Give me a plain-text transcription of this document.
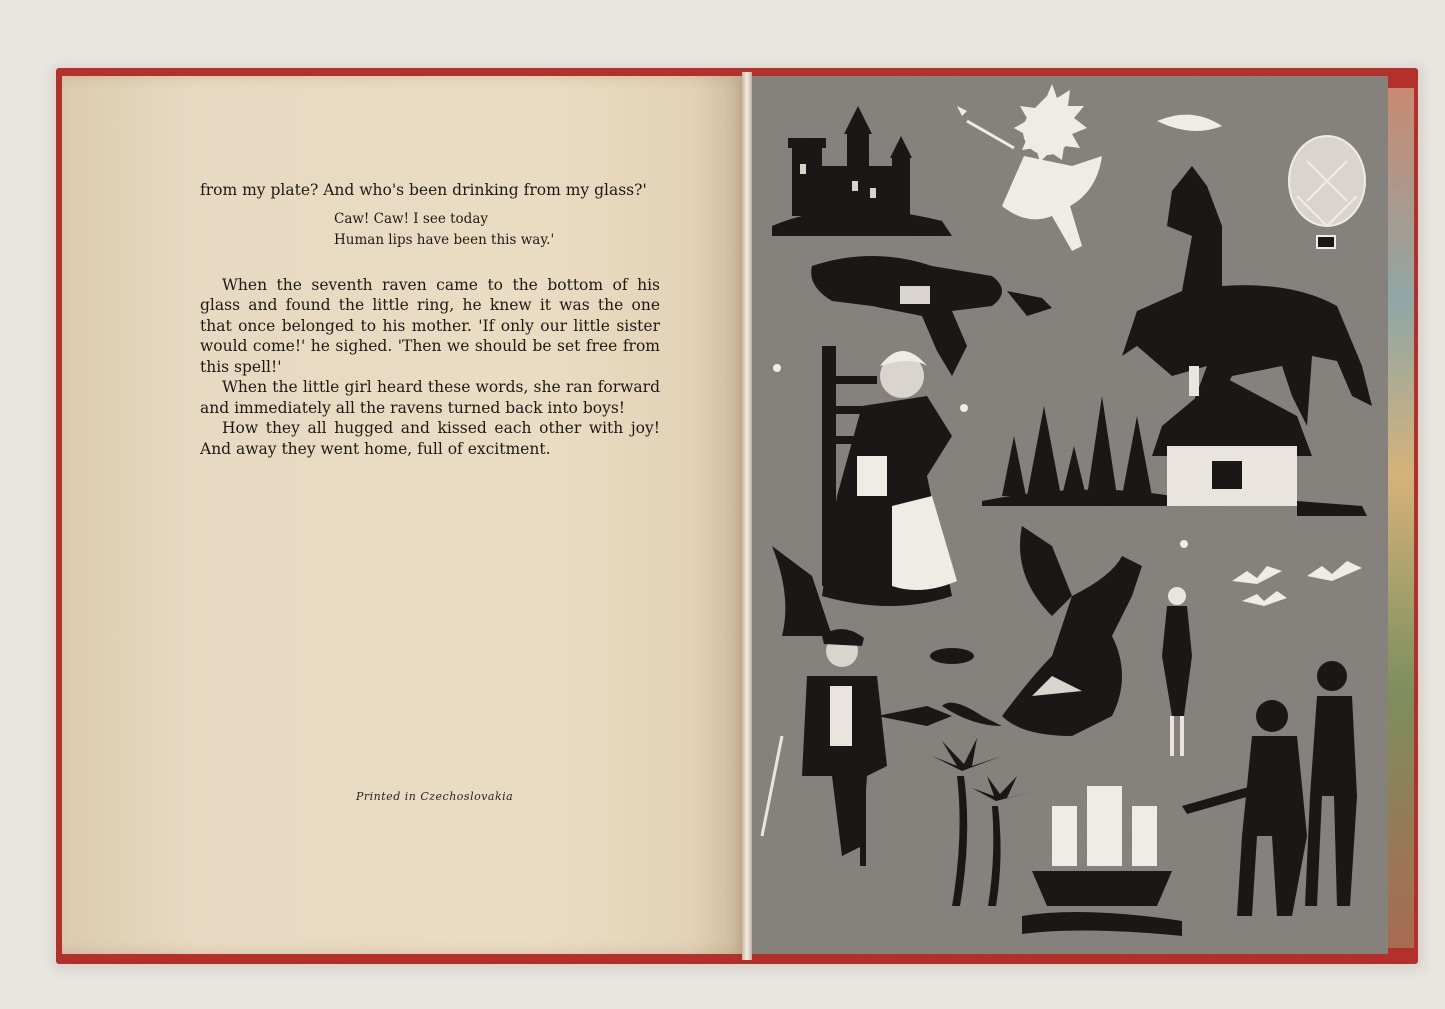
from my plate? And who's been drinking from my glass?'

Caw! Caw! I see today
Human lips have been this way.'

When the seventh raven came to the bottom of his glass and found the little ring, he knew it was the one that once belonged to his mother. 'If only our little sister would come!' he sighed. 'Then we should be set free from this spell!'

When the little girl heard these words, she ran forward and immediately all the ravens turned back into boys!

How they all hugged and kissed each other with joy! And away they went home, full of excitment.

Printed in Czechoslovakia
